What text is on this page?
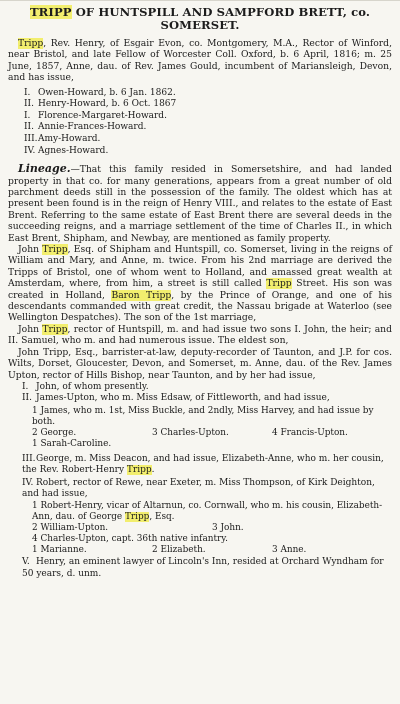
TRIPP OF HUNTSPILL AND SAMPFORD BRETT, co. SOMERSET.

Tripp, Rev. Henry, of Esgair Evon, co. Montgomery, M.A., Rector of Winford, near Bristol, and late Fellow of Worcester Coll. Oxford, b. 6 April, 1816; m. 25 June, 1857, Anne, dau. of Rev. James Gould, incumbent of Mariansleigh, Devon, and has issue,

I. Owen-Howard, b. 6 Jan. 1862.
II. Henry-Howard, b. 6 Oct. 1867
I. Florence-Margaret-Howard.
II. Annie-Frances-Howard.
III.Amy-Howard.
IV. Agnes-Howard.

Lineage.—That this family resided in Somersetshire, and had landed property in that co. for many generations, appears from a great number of old parchment deeds still in the possession of the family. The oldest which has at present been found is in the reign of Henry VIII., and relates to the estate of East Brent. Referring to the same estate of East Brent there are several deeds in the succeeding reigns, and a marriage settlement of the time of Charles II., in which East Brent, Shipham, and Newbay, are mentioned as family property.

John Tripp, Esq. of Shipham and Huntspill, co. Somerset, living in the reigns of William and Mary, and Anne, m. twice. From his 2nd marriage are derived the Tripps of Bristol, one of whom went to Holland, and amassed great wealth at Amsterdam, where, from him, a street is still called Tripp Street. His son was created in Holland, Baron Tripp, by the Prince of Orange, and one of his descendants commanded with great credit, the Nassau brigade at Waterloo (see Wellington Despatches). The son of the 1st marriage,

John Tripp, rector of Huntspill, m. and had issue two sons I. John, the heir; and II. Samuel, who m. and had numerous issue. The eldest son,

John Tripp, Esq., barrister-at-law, deputy-recorder of Taunton, and J.P. for cos. Wilts, Dorset, Gloucester, Devon, and Somerset, m. Anne, dau. of the Rev. James Upton, rector of Hills Bishop, near Taunton, and by her had issue,

I. John, of whom presently.
II. James-Upton, who m. Miss Edsaw, of Fittleworth, and had issue,
1 James, who m. 1st, Miss Buckle, and 2ndly, Miss Harvey, and had issue by both.
2 George.	3 Charles-Upton.	4 Francis-Upton.
1 Sarah-Caroline.
III.George, m. Miss Deacon, and had issue, Elizabeth-Anne, who m. her cousin, the Rev. Robert-Henry Tripp.
IV. Robert, rector of Rewe, near Exeter, m. Miss Thompson, of Kirk Deighton, and had issue,
1 Robert-Henry, vicar of Altarnun, co. Cornwall, who m. his cousin, Elizabeth-Ann, dau. of George Tripp, Esq.
2 William-Upton.	3 John.
4 Charles-Upton, capt. 36th native infantry.
1 Marianne.	2 Elizabeth.	3 Anne.
V. Henry, an eminent lawyer of Lincoln's Inn, resided at Orchard Wyndham for 50 years, d. unm.
